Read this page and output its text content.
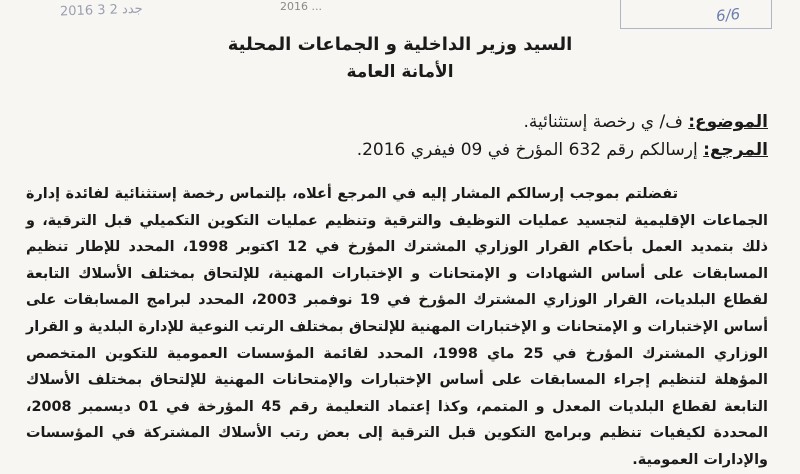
2016 جدد 2 3	... 2016	6/6
السيد وزير الداخلية و الجماعات المحلية
الأمانة العامة
الموضوع: ف/ ي رخصة إستثنائية.
المرجع: إرسالكم رقم 632 المؤرخ في 09 فيفري 2016.
تفضلتم بموجب إرسالكم المشار إليه في المرجع أعلاه، بإلتماس رخصة إستثنائية لفائدة إدارة الجماعات الإقليمية لتجسيد عمليات التوظيف والترقية وتنظيم عمليات التكوين التكميلي قبل الترقية، و ذلك بتمديد العمل بأحكام القرار الوزاري المشترك المؤرخ في 12 اكتوبر 1998، المحدد للإطار تنظيم المسابقات على أساس الشهادات و الإمتحانات و الإختبارات المهنية، للإلتحاق بمختلف الأسلاك التابعة لقطاع البلديات، القرار الوزاري المشترك المؤرخ في 19 نوفمبر 2003، المحدد لبرامج المسابقات على أساس الإختبارات و الإمتحانات و الإختبارات المهنية للإلتحاق بمختلف الرتب النوعية للإدارة البلدية و القرار الوزاري المشترك المؤرخ في 25 ماي 1998، المحدد لقائمة المؤسسات العمومية للتكوين المتخصص المؤهلة لتنظيم إجراء المسابقات على أساس الإختبارات والإمتحانات المهنية للإلتحاق بمختلف الأسلاك التابعة لقطاع البلديات المعدل و المتمم، وكذا إعتماد التعليمة رقم 45 المؤرخة في 01 ديسمبر 2008، المحددة لكيفيات تنظيم وبرامج التكوين قبل الترقية إلى بعض رتب الأسلاك المشتركة في المؤسسات والإدارات العمومية.
